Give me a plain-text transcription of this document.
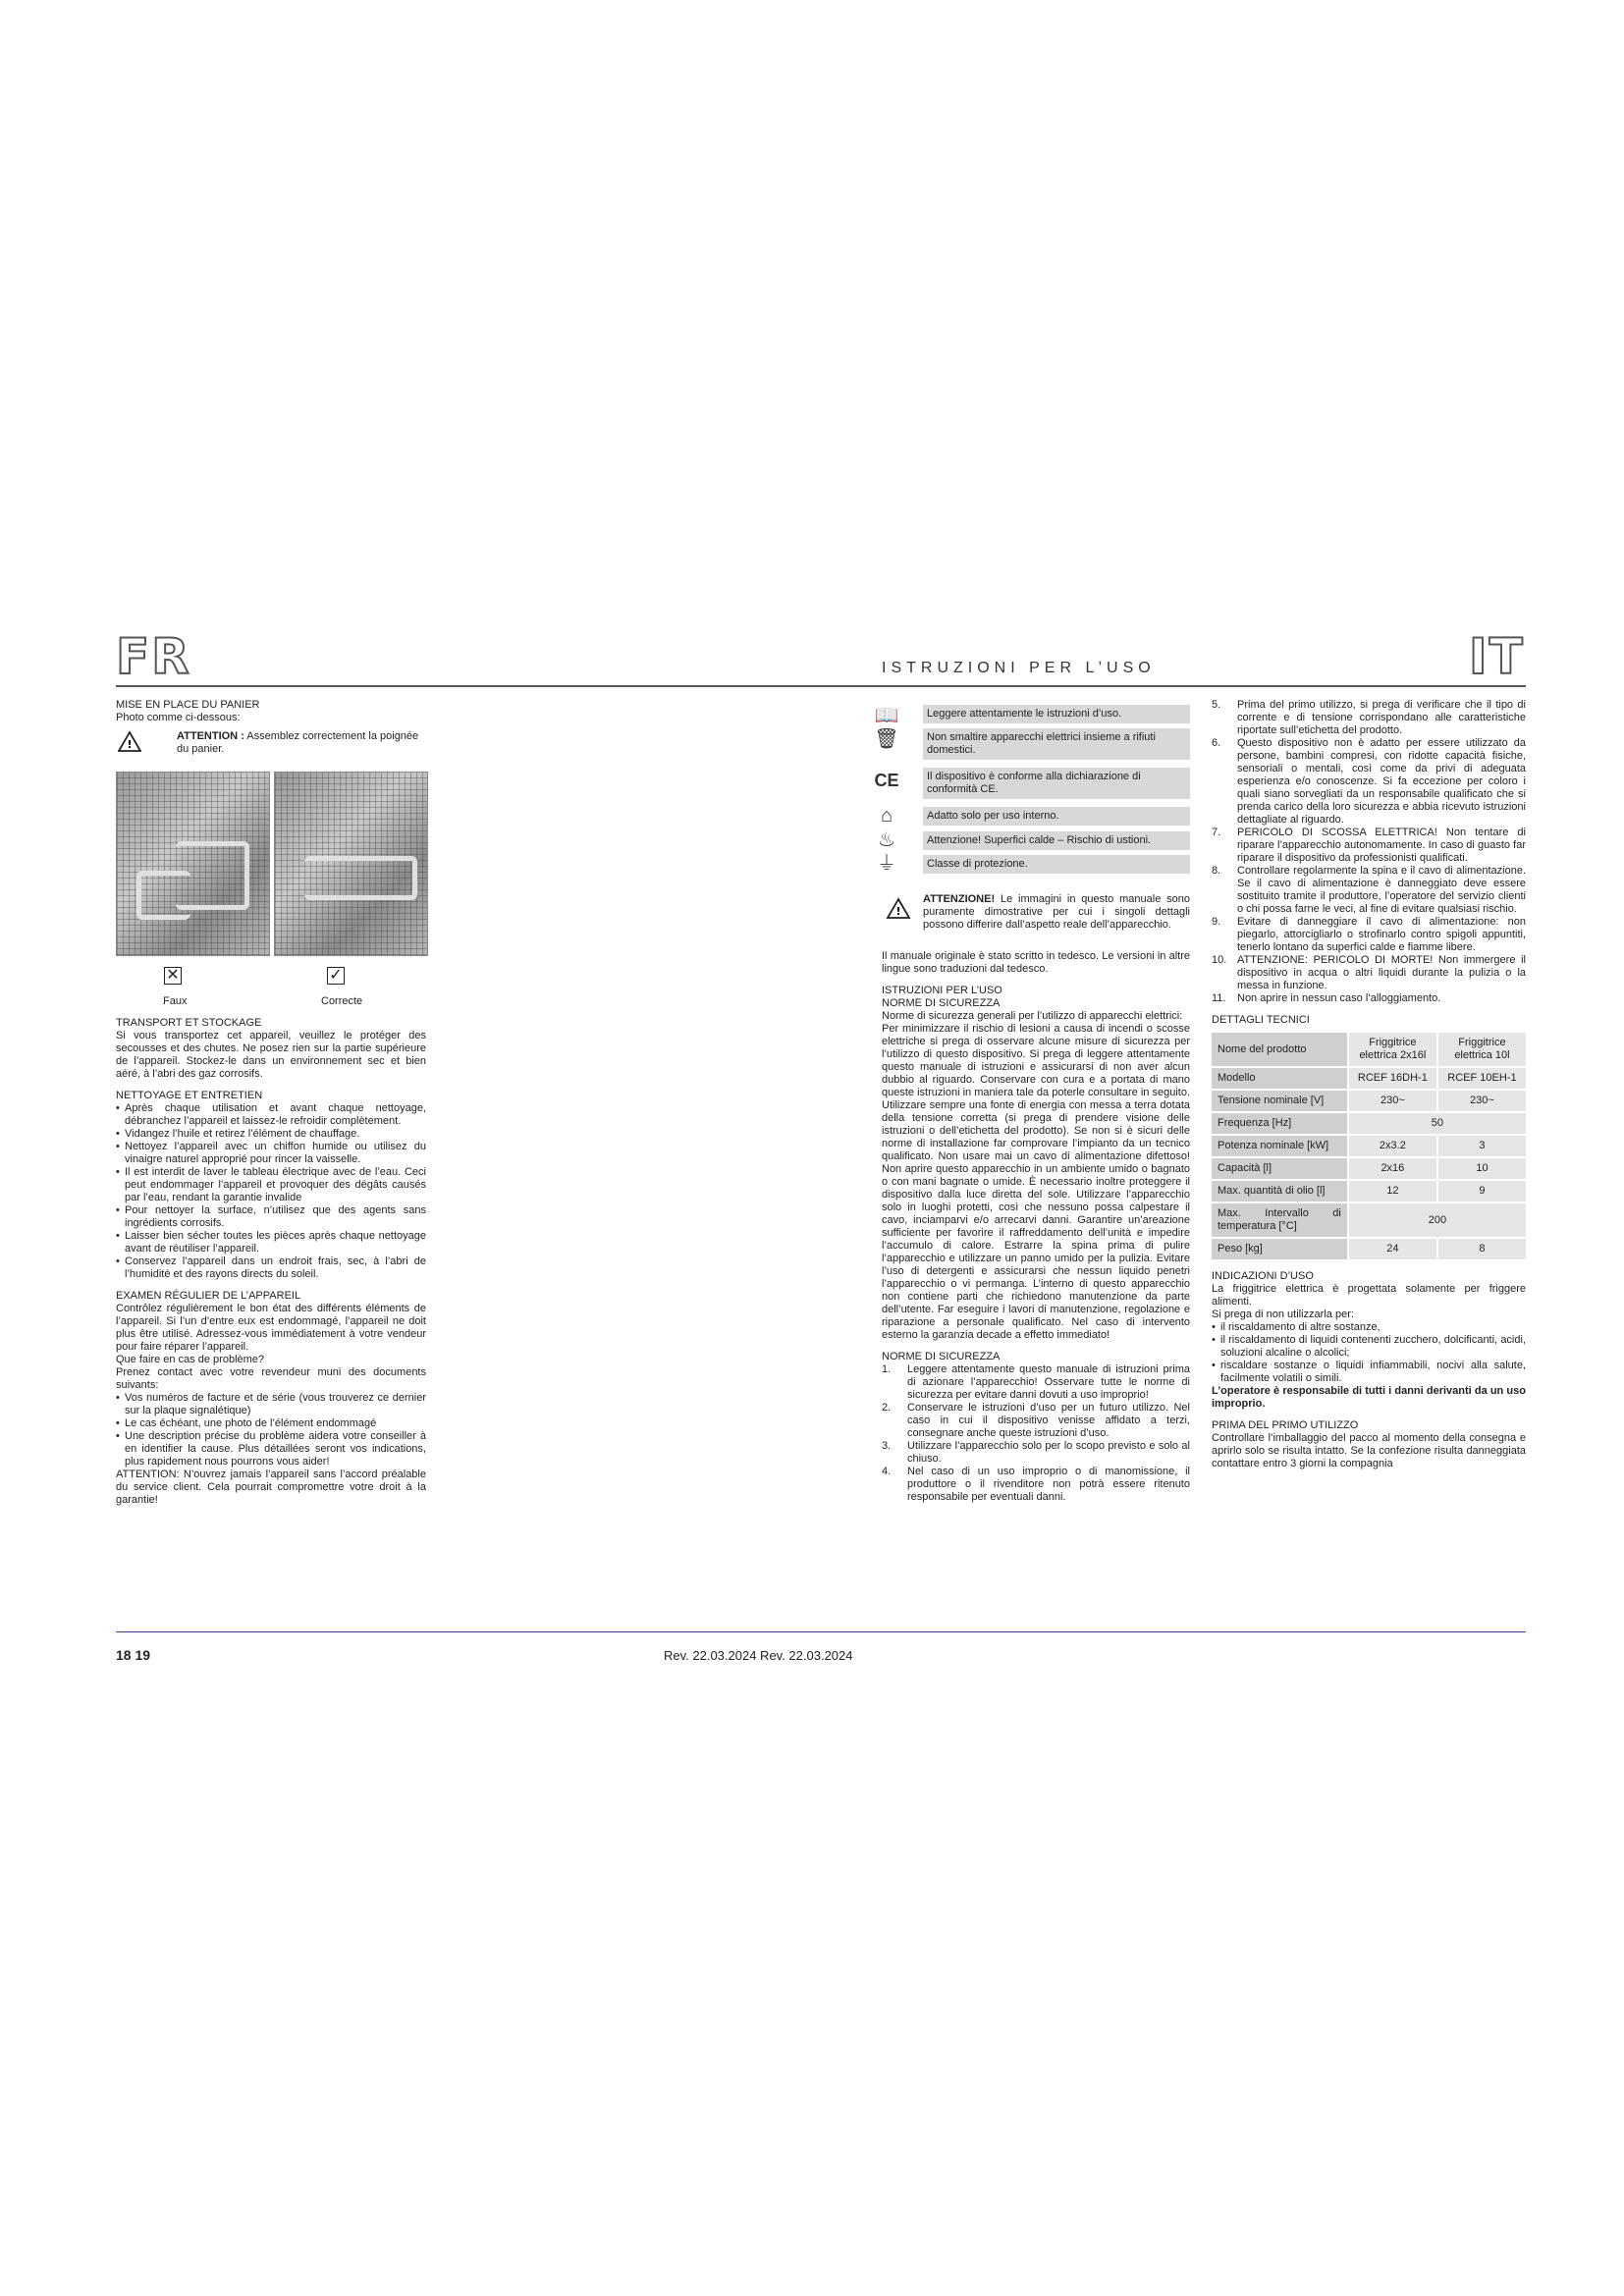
FR	ISTRUZIONI PER L’USO	IT

MISE EN PLACE DU PANIER

Photo comme ci-dessous:

!

ATTENTION : Assemblez correctement la poignée du panier.

✕	✓
Faux	Correcte

TRANSPORT ET STOCKAGE

Si vous transportez cet appareil, veuillez le protéger des secousses et des chutes. Ne posez rien sur la partie supérieure de l’appareil. Stockez-le dans un environnement sec et bien aéré, à l’abri des gaz corrosifs.

NETTOYAGE ET ENTRETIEN

• Après chaque utilisation et avant chaque nettoyage, débranchez l’appareil et laissez-le refroidir complètement.
• Vidangez l’huile et retirez l’élément de chauffage.
• Nettoyez l’appareil avec un chiffon humide ou utilisez du vinaigre naturel approprié pour rincer la vaisselle.
• Il est interdit de laver le tableau électrique avec de l’eau. Ceci peut endommager l’appareil et provoquer des dégâts causés par l’eau, rendant la garantie invalide
• Pour nettoyer la surface, n’utilisez que des agents sans ingrédients corrosifs.
• Laisser bien sécher toutes les pièces après chaque nettoyage avant de réutiliser l’appareil.
• Conservez l’appareil dans un endroit frais, sec, à l’abri de l’humidité et des rayons directs du soleil.

EXAMEN RÉGULIER DE L’APPAREIL

Contrôlez régulièrement le bon état des différents éléments de l’appareil. Si l’un d’entre eux est endommagé, l’appareil ne doit plus être utilisé. Adressez-vous immédiatement à votre vendeur pour faire réparer l’appareil.

Que faire en cas de problème?

Prenez contact avec votre revendeur muni des documents suivants:

• Vos numéros de facture et de série (vous trouverez ce dernier sur la plaque signalétique)
• Le cas échéant, une photo de l’élément endommagé
• Une description précise du problème aidera votre conseiller à en identifier la cause. Plus détaillées seront vos indications, plus rapidement nous pourrons vous aider!

ATTENTION: N’ouvrez jamais l’appareil sans l’accord préalable du service client. Cela pourrait compromettre votre droit à la garantie!

📖	Leggere attentamente le istruzioni d’uso.
🗑	Non smaltire apparecchi elettrici insieme a rifiuti domestici.
CE	Il dispositivo è conforme alla dichiarazione di conformità CE.
⌂	Adatto solo per uso interno.
♨	Attenzione! Superfici calde – Rischio di ustioni.
⏚	Classe di protezione.
!

ATTENZIONE! Le immagini in questo manuale sono puramente dimostrative per cui i singoli dettagli possono differire dall’aspetto reale dell’apparecchio.

Il manuale originale è stato scritto in tedesco. Le versioni in altre lingue sono traduzioni dal tedesco.

ISTRUZIONI PER L’USO

NORME DI SICUREZZA

Norme di sicurezza generali per l’utilizzo di apparecchi elettrici:

Per minimizzare il rischio di lesioni a causa di incendi o scosse elettriche si prega di osservare alcune misure di sicurezza per l’utilizzo di questo dispositivo. Si prega di leggere attentamente questo manuale di istruzioni e assicurarsi di non aver alcun dubbio al riguardo. Conservare con cura e a portata di mano queste istruzioni in maniera tale da poterle consultare in seguito. Utilizzare sempre una fonte di energia con messa a terra dotata della tensione corretta (si prega di prendere visione delle istruzioni o dell’etichetta del prodotto). Se non si è sicuri delle norme di installazione far comprovare l’impianto da un tecnico qualificato. Non usare mai un cavo di alimentazione difettoso! Non aprire questo apparecchio in un ambiente umido o bagnato o con mani bagnate o umide. È necessario inoltre proteggere il dispositivo dalla luce diretta del sole. Utilizzare l’apparecchio solo in luoghi protetti, così che nessuno possa calpestare il cavo, inciamparvi e/o arrecarvi danni. Garantire un’areazione sufficiente per favorire il raffreddamento dell’unità e impedire l’accumulo di calore. Estrarre la spina prima di pulire l’apparecchio e utilizzare un panno umido per la pulizia. Evitare l’uso di detergenti e assicurarsi che nessun liquido penetri l’apparecchio o vi permanga. L’interno di questo apparecchio non contiene parti che richiedono manutenzione da parte dell’utente. Far eseguire i lavori di manutenzione, regolazione e riparazione a personale qualificato. Nel caso di intervento esterno la garanzia decade a effetto immediato!

NORME DI SICUREZZA

1. Leggere attentamente questo manuale di istruzioni prima di azionare l’apparecchio! Osservare tutte le norme di sicurezza per evitare danni dovuti a uso improprio!
2. Conservare le istruzioni d’uso per un futuro utilizzo. Nel caso in cui il dispositivo venisse affidato a terzi, consegnare anche queste istruzioni d’uso.
3. Utilizzare l’apparecchio solo per lo scopo previsto e solo al chiuso.
4. Nel caso di un uso improprio o di manomissione, il produttore o il rivenditore non potrà essere ritenuto responsabile per eventuali danni.
5. Prima del primo utilizzo, si prega di verificare che il tipo di corrente e di tensione corrispondano alle caratteristiche riportate sull’etichetta del prodotto.
6. Questo dispositivo non è adatto per essere utilizzato da persone, bambini compresi, con ridotte capacità fisiche, sensoriali o mentali, così come da privi di adeguata esperienza e/o conoscenze. Si fa eccezione per coloro i quali siano sorvegliati da un responsabile qualificato che si prenda carico della loro sicurezza e abbia ricevuto istruzioni dettagliate al riguardo.
7. PERICOLO DI SCOSSA ELETTRICA! Non tentare di riparare l’apparecchio autonomamente. In caso di guasto far riparare il dispositivo da professionisti qualificati.
8. Controllare regolarmente la spina e il cavo di alimentazione. Se il cavo di alimentazione è danneggiato deve essere sostituito tramite il produttore, l’operatore del servizio clienti o chi possa farne le veci, al fine di evitare qualsiasi rischio.
9. Evitare di danneggiare il cavo di alimentazione: non piegarlo, attorcigliarlo o strofinarlo contro spigoli appuntiti, tenerlo lontano da superfici calde e fiamme libere.
10. ATTENZIONE: PERICOLO DI MORTE! Non immergere il dispositivo in acqua o altri liquidi durante la pulizia o la messa in funzione.
11. Non aprire in nessun caso l’alloggiamento.

DETTAGLI TECNICI

Nome del prodotto	Friggitrice elettrica 2x16l	Friggitrice elettrica 10l
Modello	RCEF 16DH-1	RCEF 10EH-1
Tensione nominale [V]	230~	230~
Frequenza [Hz]	50	
Potenza nominale [kW]	2x3.2	3
Capacità [l]	2x16	10
Max. quantità di olio [l]	12	9
Max. Intervallo di temperatura [°C]	200	
Peso [kg]	24	8

INDICAZIONI D’USO

La friggitrice elettrica è progettata solamente per friggere alimenti.

Si prega di non utilizzarla per:

• il riscaldamento di altre sostanze,
• il riscaldamento di liquidi contenenti zucchero, dolcificanti, acidi, soluzioni alcaline o alcolici;
• riscaldare sostanze o liquidi infiammabili, nocivi alla salute, facilmente volatili o simili.

L’operatore è responsabile di tutti i danni derivanti da un uso improprio.

PRIMA DEL PRIMO UTILIZZO

Controllare l’imballaggio del pacco al momento della consegna e aprirlo solo se risulta intatto. Se la confezione risulta danneggiata contattare entro 3 giorni la compagnia

18 19	Rev. 22.03.2024 Rev. 22.03.2024
